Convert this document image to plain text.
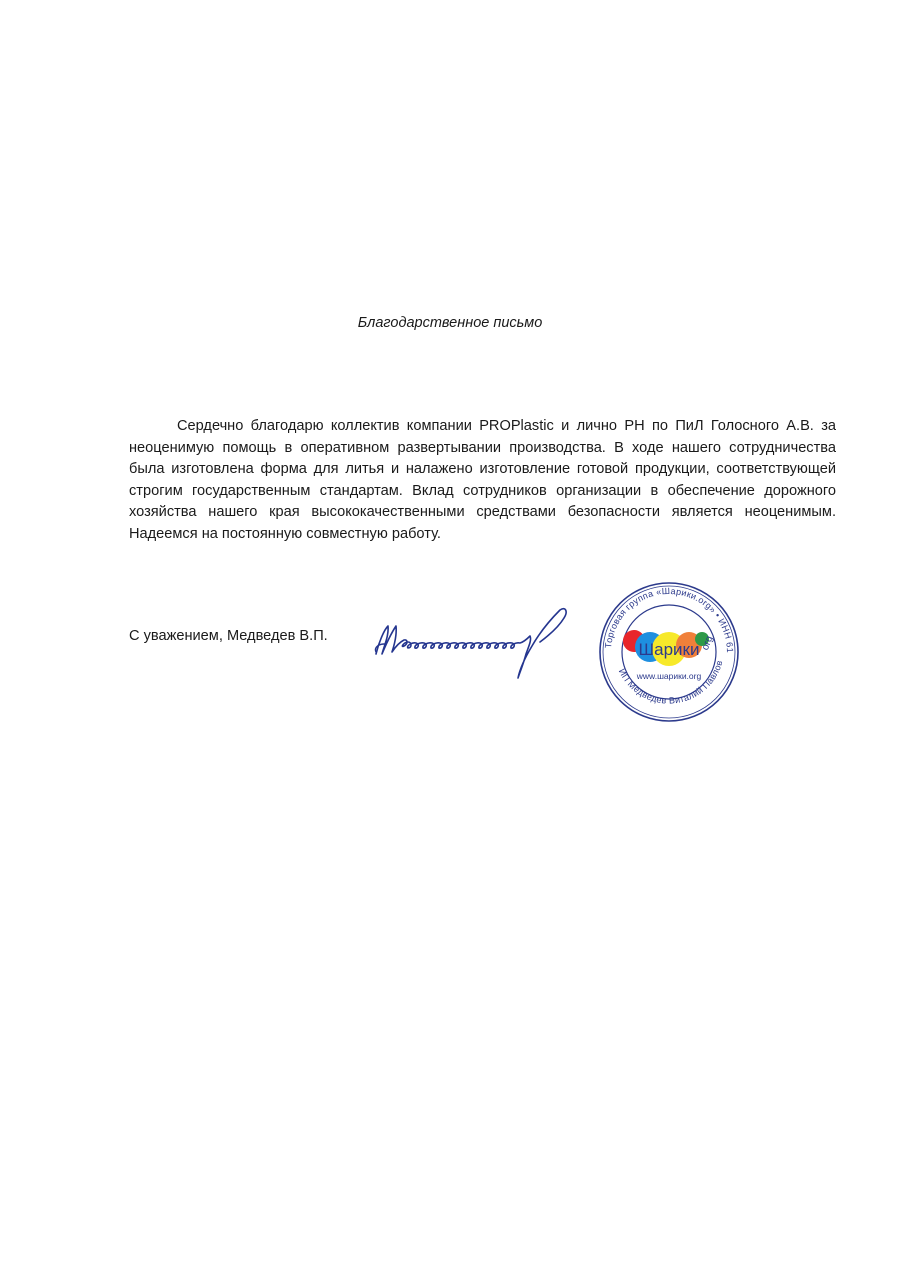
Благодарственное письмо

Сердечно благодарю коллектив компании PROPlastic и лично РН по ПиЛ Голосного А.В. за неоценимую помощь в оперативном развертывании производства. В ходе нашего сотрудничества была изготовлена форма для литья и налажено изготовление готовой продукции, соответствующей строгим государственным стандартам. Вклад сотрудников организации в обеспечение дорожного хозяйства нашего края высококачественными средствами безопасности является неоценимым. Надеемся на постоянную совместную работу.

С уважением, Медведев В.П.
Торговая группа «Шарики.org» • ИНН 61
ИП Медведев Виталий Павлов
Шарики org
www.шарики.org
